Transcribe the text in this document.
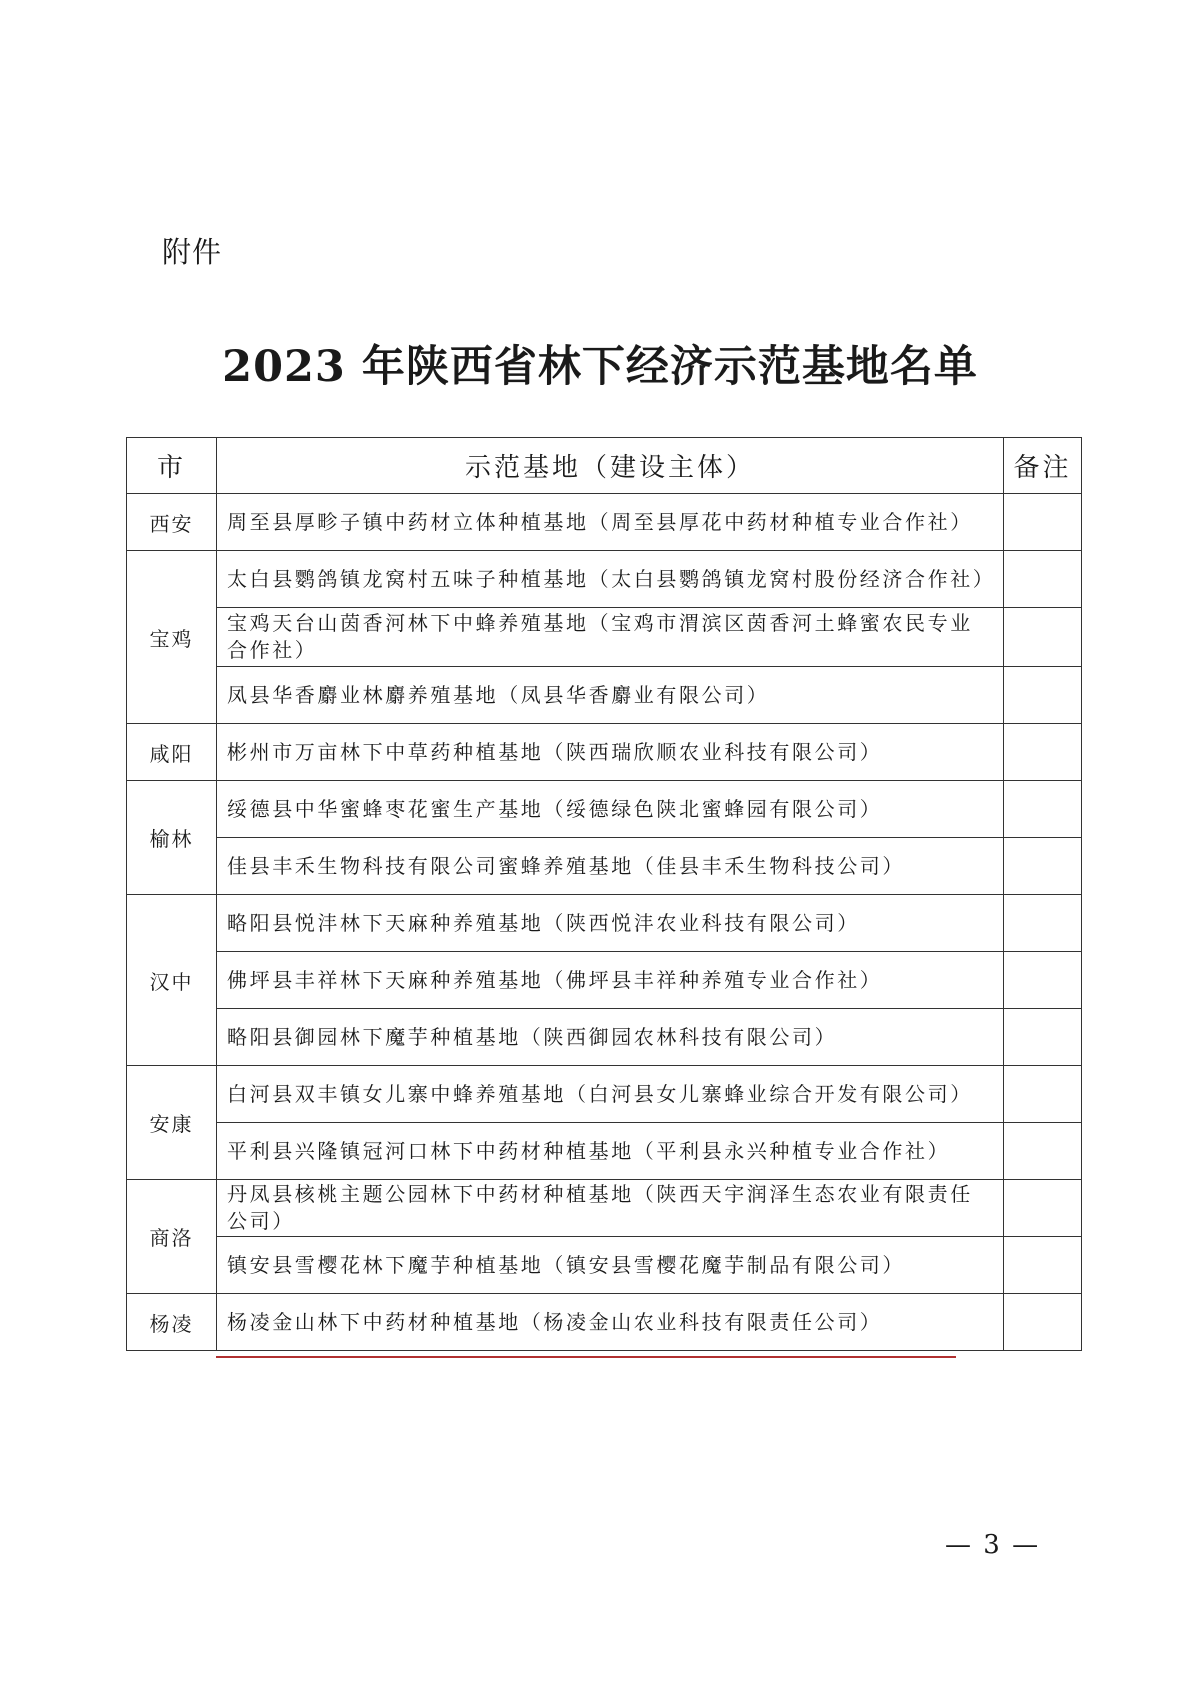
附件
2023 年陕西省林下经济示范基地名单
市	示范基地（建设主体）	备注
西安	周至县厚畛子镇中药材立体种植基地（周至县厚花中药材种植专业合作社）	
宝鸡	太白县鹦鸽镇龙窝村五味子种植基地（太白县鹦鸽镇龙窝村股份经济合作社）	
	宝鸡天台山茵香河林下中蜂养殖基地（宝鸡市渭滨区茵香河土蜂蜜农民专业合作社）	
	凤县华香麝业林麝养殖基地（凤县华香麝业有限公司）	
咸阳	彬州市万亩林下中草药种植基地（陕西瑞欣顺农业科技有限公司）	
榆林	绥德县中华蜜蜂枣花蜜生产基地（绥德绿色陕北蜜蜂园有限公司）	
	佳县丰禾生物科技有限公司蜜蜂养殖基地（佳县丰禾生物科技公司）	
汉中	略阳县悦沣林下天麻种养殖基地（陕西悦沣农业科技有限公司）	
	佛坪县丰祥林下天麻种养殖基地（佛坪县丰祥种养殖专业合作社）	
	略阳县御园林下魔芋种植基地（陕西御园农林科技有限公司）	
安康	白河县双丰镇女儿寨中蜂养殖基地（白河县女儿寨蜂业综合开发有限公司）	
	平利县兴隆镇冠河口林下中药材种植基地（平利县永兴种植专业合作社）	
商洛	丹凤县核桃主题公园林下中药材种植基地（陕西天宇润泽生态农业有限责任公司）	
	镇安县雪樱花林下魔芋种植基地（镇安县雪樱花魔芋制品有限公司）	
杨凌	杨凌金山林下中药材种植基地（杨凌金山农业科技有限责任公司）	
— 3 —
